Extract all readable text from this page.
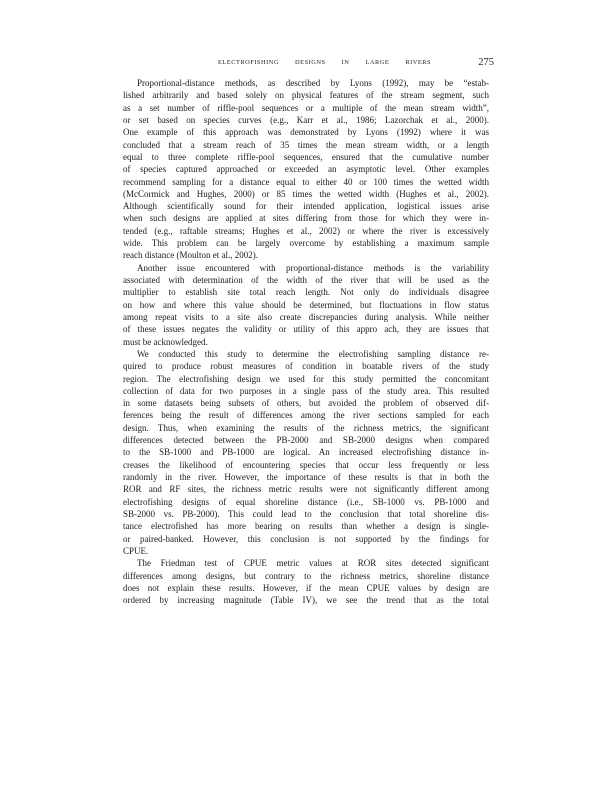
ELECTROFISHING DESIGNS IN LARGE RIVERS	275
Proportional-distance methods, as described by Lyons (1992), may be “estab-
lished arbitrarily and based solely on physical features of the stream segment, such
as a set number of riffle-pool sequences or a multiple of the mean stream width”,
or set based on species curves (e.g., Karr et al., 1986; Lazorchak et al., 2000).
One example of this approach was demonstrated by Lyons (1992) where it was
concluded that a stream reach of 35 times the mean stream width, or a length
equal to three complete riffle-pool sequences, ensured that the cumulative number
of species captured approached or exceeded an asymptotic level. Other examples
recommend sampling for a distance equal to either 40 or 100 times the wetted width
(McCormick and Hughes, 2000) or 85 times the wetted width (Hughes et al., 2002).
Although scientifically sound for their intended application, logistical issues arise
when such designs are applied at sites differing from those for which they were in-
tended (e.g., raftable streams; Hughes et al., 2002) or where the river is excessively
wide. This problem can be largely overcome by establishing a maximum sample
reach distance (Moulton et al., 2002).
Another issue encountered with proportional-distance methods is the variability
associated with determination of the width of the river that will be used as the
multiplier to establish site total reach length. Not only do individuals disagree
on how and where this value should be determined, but fluctuations in flow status
among repeat visits to a site also create discrepancies during analysis. While neither
of these issues negates the validity or utility of this appro ach, they are issues that
must be acknowledged.
We conducted this study to determine the electrofishing sampling distance re-
quired to produce robust measures of condition in boatable rivers of the study
region. The electrofishing design we used for this study permitted the concomitant
collection of data for two purposes in a single pass of the study area. This resulted
in some datasets being subsets of others, but avoided the problem of observed dif-
ferences being the result of differences among the river sections sampled for each
design. Thus, when examining the results of the richness metrics, the significant
differences detected between the PB-2000 and SB-2000 designs when compared
to the SB-1000 and PB-1000 are logical. An increased electrofishing distance in-
creases the likelihood of encountering species that occur less frequently or less
randomly in the river. However, the importance of these results is that in both the
ROR and RF sites, the richness metric results were not significantly different among
electrofishing designs of equal shoreline distance (i.e., SB-1000 vs. PB-1000 and
SB-2000 vs. PB-2000). This could lead to the conclusion that total shoreline dis-
tance electrofished has more bearing on results than whether a design is single-
or paired-banked. However, this conclusion is not supported by the findings for
CPUE.
The Friedman test of CPUE metric values at ROR sites detected significant
differences among designs, but contrary to the richness metrics, shoreline distance
does not explain these results. However, if the mean CPUE values by design are
ordered by increasing magnitude (Table IV), we see the trend that as the total
